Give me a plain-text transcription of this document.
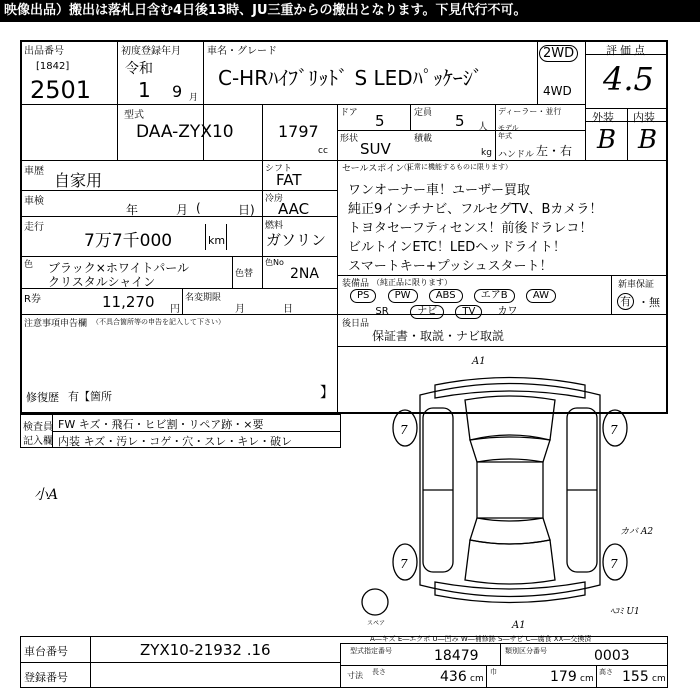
映像出品）搬出は落札日含む4日後13時、JU三重からの搬出となります。下見代行不可。
出品番号
[1842]
2501
初度登録年月
令和
1 9 月
車名・グレード
C-HRﾊｲﾌﾞﾘｯﾄﾞ S LEDﾊﾟｯｹｰｼﾞ
2WD
4WD
評価点
4.5
外装 内装
B B
型式
DAA-ZYX10	1797
cc
ドア 5	定員 5 人
形状
SUV
積載
kg
ディーラー・並行
モデル年式
ハンドル 左・右
車歴 自家用
シフト
FAT
車検
年	月 (	日)
冷房
AAC
走行
7万7千000	km
燃料
ガソリン
色 ブラック×ホワイトパール
クリスタルシャイン
色替
色No
2NA
R券	11,270 円
名変期限
月	日
注意事項申告欄 （不具合箇所等の申告を記入して下さい）
修復歴 有【箇所	】
セールスポイント
（正常に機能するものに限ります）
ワンオーナー車！ユーザー買取
純正9インチナビ、フルセグTV、Bカメラ！
トヨタセーフティセンス！前後ドラレコ！
ビルトインETC！LEDヘッドライト！
スマートキー+プッシュスタート！
装備品 （純正品に限ります）	新車保証
有 ・無
PS	PW	ABS	エアB	AW
SR	ナビ	TV カワ
後日品
保証書・取説・ナビ取説
検査員
記入欄
FW キズ・飛石・ヒビ割・リペア跡・×要
内装 キズ・汚レ・コゲ・穴・スレ・キレ・破レ
小A
7	7
7	7
A1
A1
カバ A2
ﾍｺﾐ U1
スペア
A―キズ E―エクボ U―凹み W―補修跡 S―サビ C―腐食 XX―交換済
車台番号	ZYX10-21932 .16
登録番号
型式指定番号	18479	類別区分番号	0003
寸法 長さ	436 cm
巾	179 cm
高さ 155 cm
